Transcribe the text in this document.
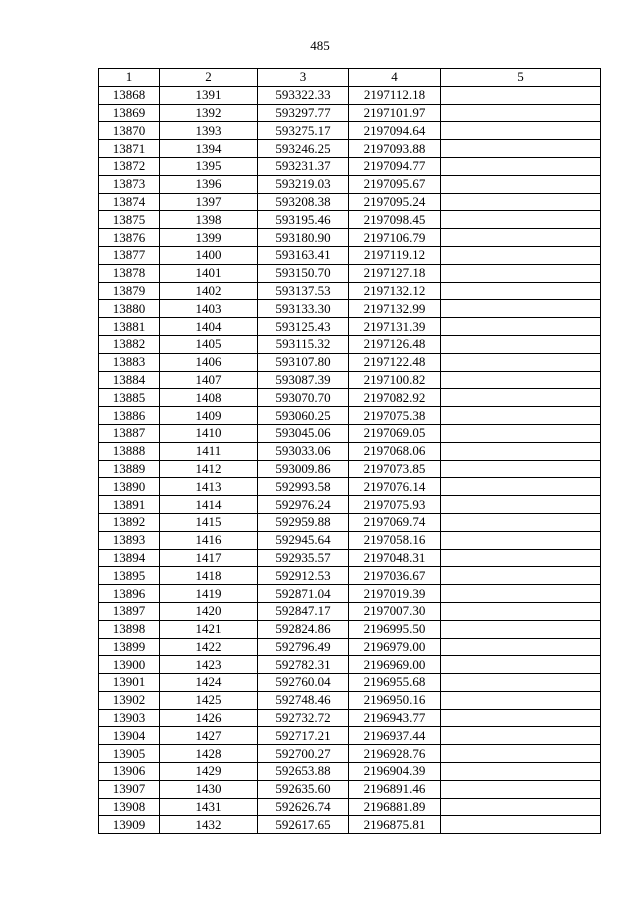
485
1	2	3	4	5
13868	1391	593322.33	2197112.18	
13869	1392	593297.77	2197101.97	
13870	1393	593275.17	2197094.64	
13871	1394	593246.25	2197093.88	
13872	1395	593231.37	2197094.77	
13873	1396	593219.03	2197095.67	
13874	1397	593208.38	2197095.24	
13875	1398	593195.46	2197098.45	
13876	1399	593180.90	2197106.79	
13877	1400	593163.41	2197119.12	
13878	1401	593150.70	2197127.18	
13879	1402	593137.53	2197132.12	
13880	1403	593133.30	2197132.99	
13881	1404	593125.43	2197131.39	
13882	1405	593115.32	2197126.48	
13883	1406	593107.80	2197122.48	
13884	1407	593087.39	2197100.82	
13885	1408	593070.70	2197082.92	
13886	1409	593060.25	2197075.38	
13887	1410	593045.06	2197069.05	
13888	1411	593033.06	2197068.06	
13889	1412	593009.86	2197073.85	
13890	1413	592993.58	2197076.14	
13891	1414	592976.24	2197075.93	
13892	1415	592959.88	2197069.74	
13893	1416	592945.64	2197058.16	
13894	1417	592935.57	2197048.31	
13895	1418	592912.53	2197036.67	
13896	1419	592871.04	2197019.39	
13897	1420	592847.17	2197007.30	
13898	1421	592824.86	2196995.50	
13899	1422	592796.49	2196979.00	
13900	1423	592782.31	2196969.00	
13901	1424	592760.04	2196955.68	
13902	1425	592748.46	2196950.16	
13903	1426	592732.72	2196943.77	
13904	1427	592717.21	2196937.44	
13905	1428	592700.27	2196928.76	
13906	1429	592653.88	2196904.39	
13907	1430	592635.60	2196891.46	
13908	1431	592626.74	2196881.89	
13909	1432	592617.65	2196875.81	
